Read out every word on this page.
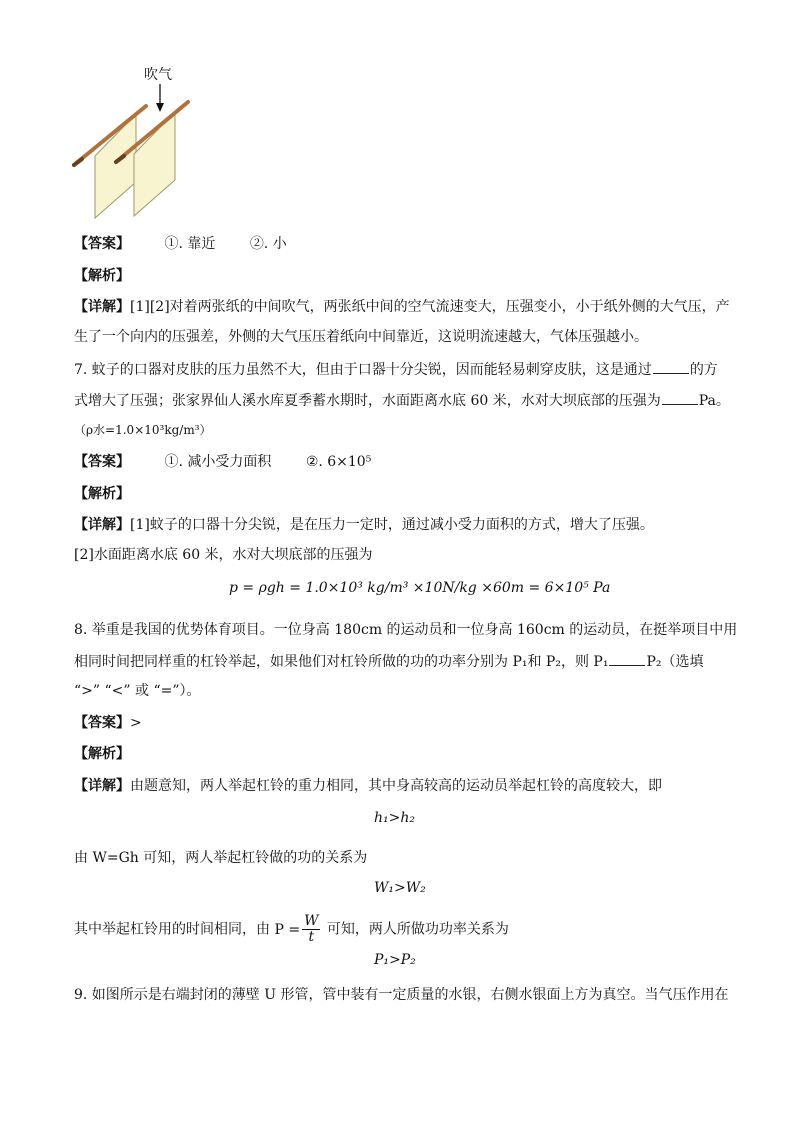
吹气
【答案】 ①. 靠近 ②. 小
【解析】
【详解】[1][2]对着两张纸的中间吹气，两张纸中间的空气流速变大，压强变小，小于纸外侧的大气压，产
生了一个向内的压强差，外侧的大气压压着纸向中间靠近，这说明流速越大，气体压强越小。
7. 蚊子的口器对皮肤的压力虽然不大，但由于口器十分尖锐，因而能轻易刺穿皮肤，这是通过	的方
式增大了压强；张家界仙人溪水库夏季蓄水期时，水面距离水底 60 米，水对大坝底部的压强为	Pa。
（ρ水=1.0×10³kg/m³）
【答案】 ①. 减小受力面积 ②. 6×10⁵
【解析】
【详解】[1]蚊子的口器十分尖锐，是在压力一定时，通过减小受力面积的方式，增大了压强。
[2]水面距离水底 60 米，水对大坝底部的压强为
p = ρgh = 1.0×10³ kg/m³ ×10N/kg ×60m = 6×10⁵ Pa
8. 举重是我国的优势体育项目。一位身高 180cm 的运动员和一位身高 160cm 的运动员，在挺举项目中用
相同时间把同样重的杠铃举起，如果他们对杠铃所做的功的功率分别为 P₁和 P₂，则 P₁	P₂（选填
“>” “<” 或 “=”）。
【答案】>
【解析】
【详解】由题意知，两人举起杠铃的重力相同，其中身高较高的运动员举起杠铃的高度较大，即
h₁>h₂
由 W=Gh 可知，两人举起杠铃做的功的关系为
W₁>W₂
其中举起杠铃用的时间相同，由 $P = \frac{W}{t}$ 可知，两人所做功功率关系为
P₁>P₂
9. 如图所示是右端封闭的薄壁 U 形管，管中装有一定质量的水银，右侧水银面上方为真空。当气压作用在
